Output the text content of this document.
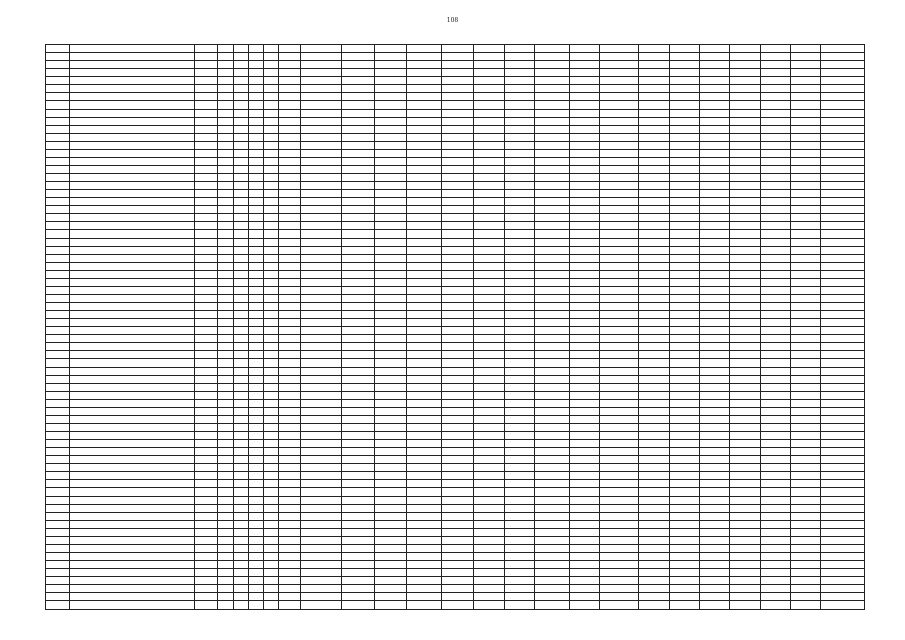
108
